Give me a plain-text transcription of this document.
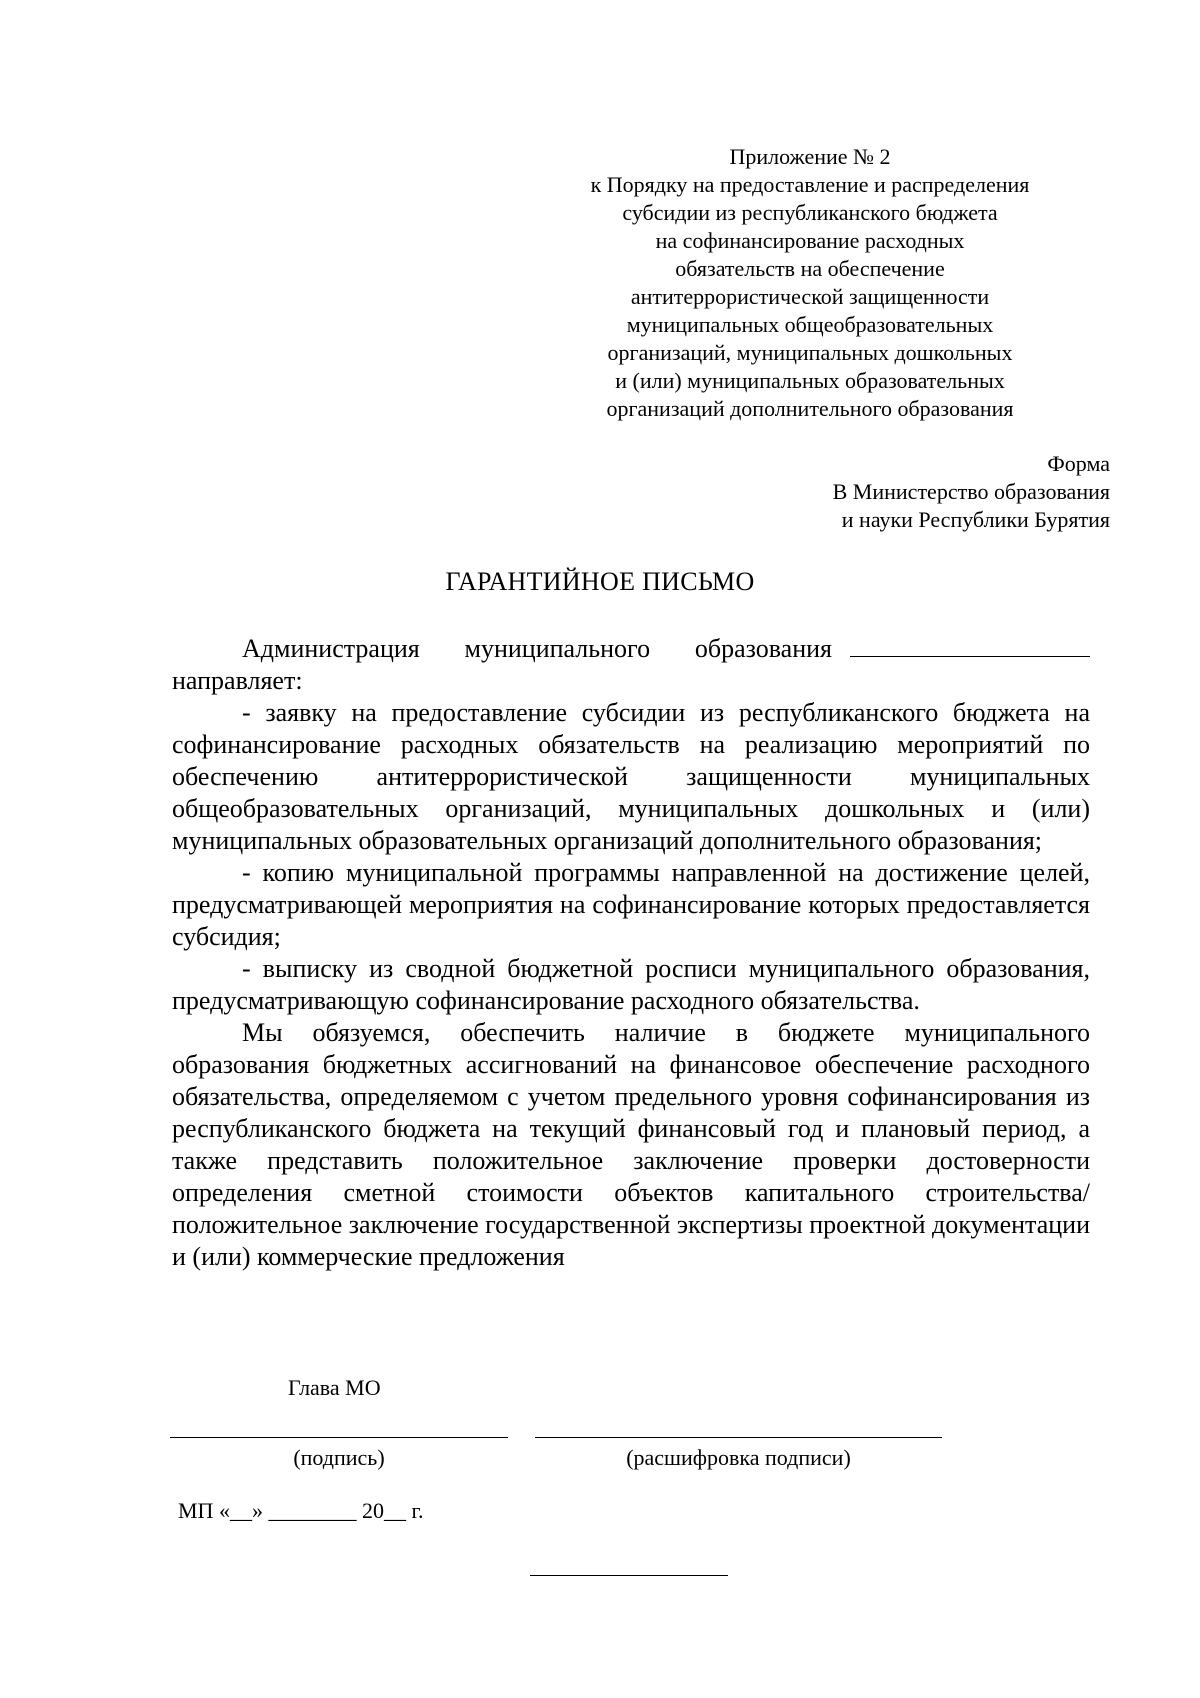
Приложение № 2
к Порядку на предоставление и распределения
субсидии из республиканского бюджета
на софинансирование расходных
обязательств на обеспечение
антитеррористической защищенности
муниципальных общеобразовательных
организаций, муниципальных дошкольных
и (или) муниципальных образовательных
организаций дополнительного образования
Форма
В Министерство образования
и науки Республики Бурятия
ГАРАНТИЙНОЕ ПИСЬМО
Администрация муниципального образования

направляет:

- заявку на предоставление субсидии из республиканского бюджета на софинансирование расходных обязательств на реализацию мероприятий по обеспечению антитеррористической защищенности муниципальных общеобразовательных организаций, муниципальных дошкольных и (или) муниципальных образовательных организаций дополнительного образования;

- копию муниципальной программы направленной на достижение целей, предусматривающей мероприятия на софинансирование которых предоставляется субсидия;

- выписку из сводной бюджетной росписи муниципального образования, предусматривающую софинансирование расходного обязательства.

Мы обязуемся, обеспечить наличие в бюджете муниципального образования бюджетных ассигнований на финансовое обеспечение расходного обязательства, определяемом с учетом предельного уровня софинансирования из республиканского бюджета на текущий финансовый год и плановый период, а также представить положительное заключение проверки достоверности определения сметной стоимости объектов капитального строительства/положительное заключение государственной экспертизы проектной документации и (или) коммерческие предложения

Глава МО
(подпись)	(расшифровка подписи)
МП «__» ________ 20__ г.
